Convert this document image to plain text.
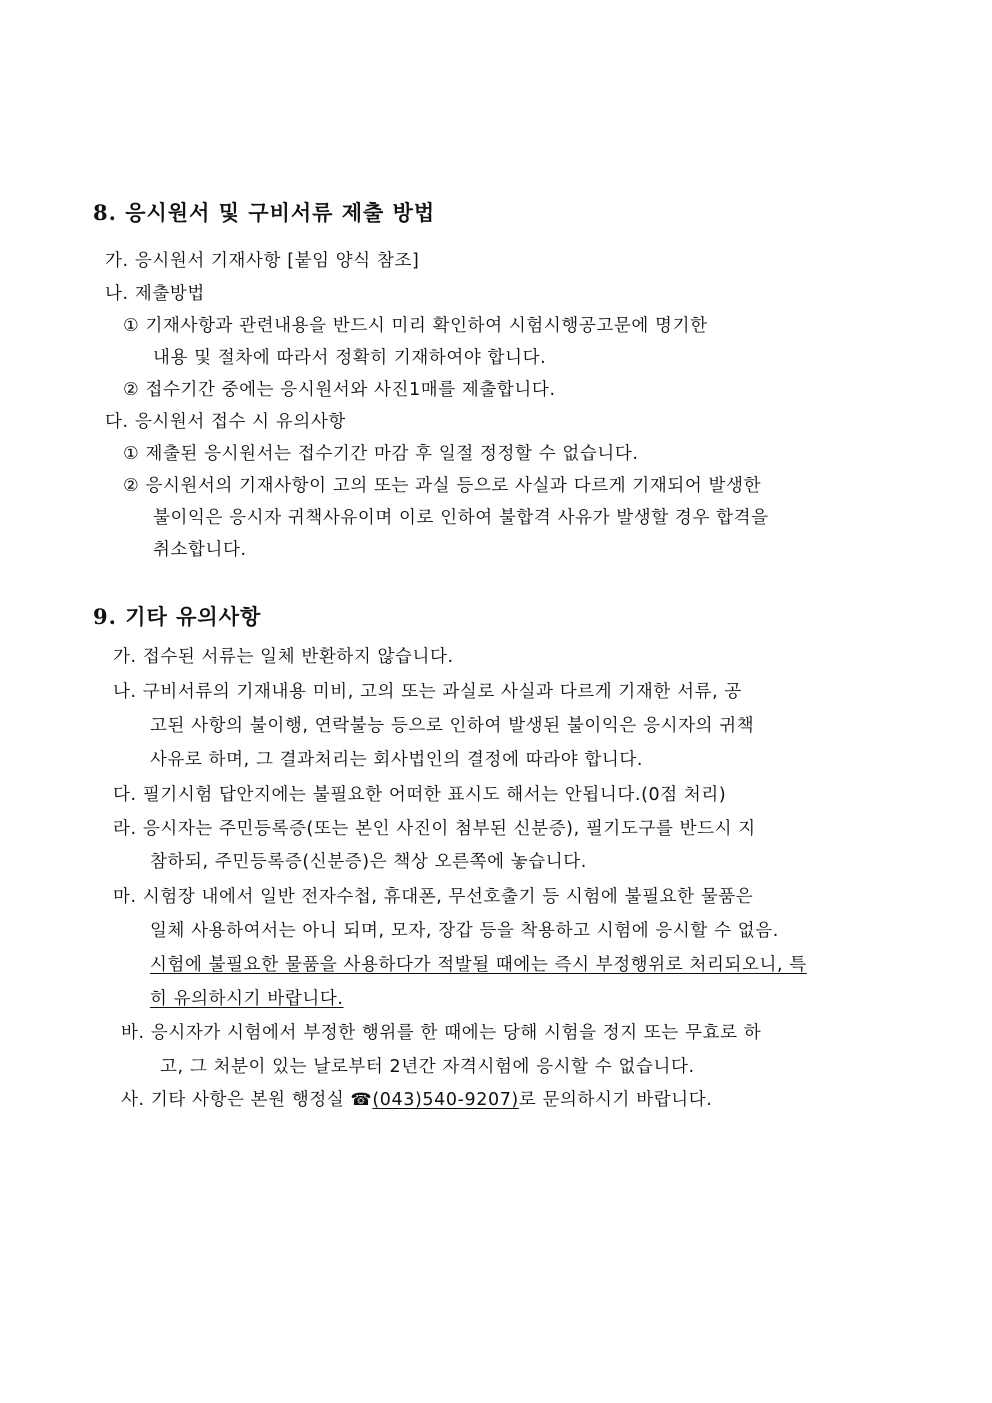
8. 응시원서 및 구비서류 제출 방법
가. 응시원서 기재사항 [붙임 양식 참조]
나. 제출방법
① 기재사항과 관련내용을 반드시 미리 확인하여 시험시행공고문에 명기한
내용 및 절차에 따라서 정확히 기재하여야 합니다.
② 접수기간 중에는 응시원서와 사진1매를 제출합니다.
다. 응시원서 접수 시 유의사항
① 제출된 응시원서는 접수기간 마감 후 일절 정정할 수 없습니다.
② 응시원서의 기재사항이 고의 또는 과실 등으로 사실과 다르게 기재되어 발생한
불이익은 응시자 귀책사유이며 이로 인하여 불합격 사유가 발생할 경우 합격을
취소합니다.
9. 기타 유의사항
가. 접수된 서류는 일체 반환하지 않습니다.
나. 구비서류의 기재내용 미비, 고의 또는 과실로 사실과 다르게 기재한 서류, 공
고된 사항의 불이행, 연락불능 등으로 인하여 발생된 불이익은 응시자의 귀책
사유로 하며, 그 결과처리는 회사법인의 결정에 따라야 합니다.
다. 필기시험 답안지에는 불필요한 어떠한 표시도 해서는 안됩니다.(0점 처리)
라. 응시자는 주민등록증(또는 본인 사진이 첨부된 신분증), 필기도구를 반드시 지
참하되, 주민등록증(신분증)은 책상 오른쪽에 놓습니다.
마. 시험장 내에서 일반 전자수첩, 휴대폰, 무선호출기 등 시험에 불필요한 물품은
일체 사용하여서는 아니 되며, 모자, 장갑 등을 착용하고 시험에 응시할 수 없음.
시험에 불필요한 물품을 사용하다가 적발될 때에는 즉시 부정행위로 처리되오니, 특
히 유의하시기 바랍니다.
바. 응시자가 시험에서 부정한 행위를 한 때에는 당해 시험을 정지 또는 무효로 하
고, 그 처분이 있는 날로부터 2년간 자격시험에 응시할 수 없습니다.
사. 기타 사항은 본원 행정실 ☎(043)540-9207)로 문의하시기 바랍니다.
